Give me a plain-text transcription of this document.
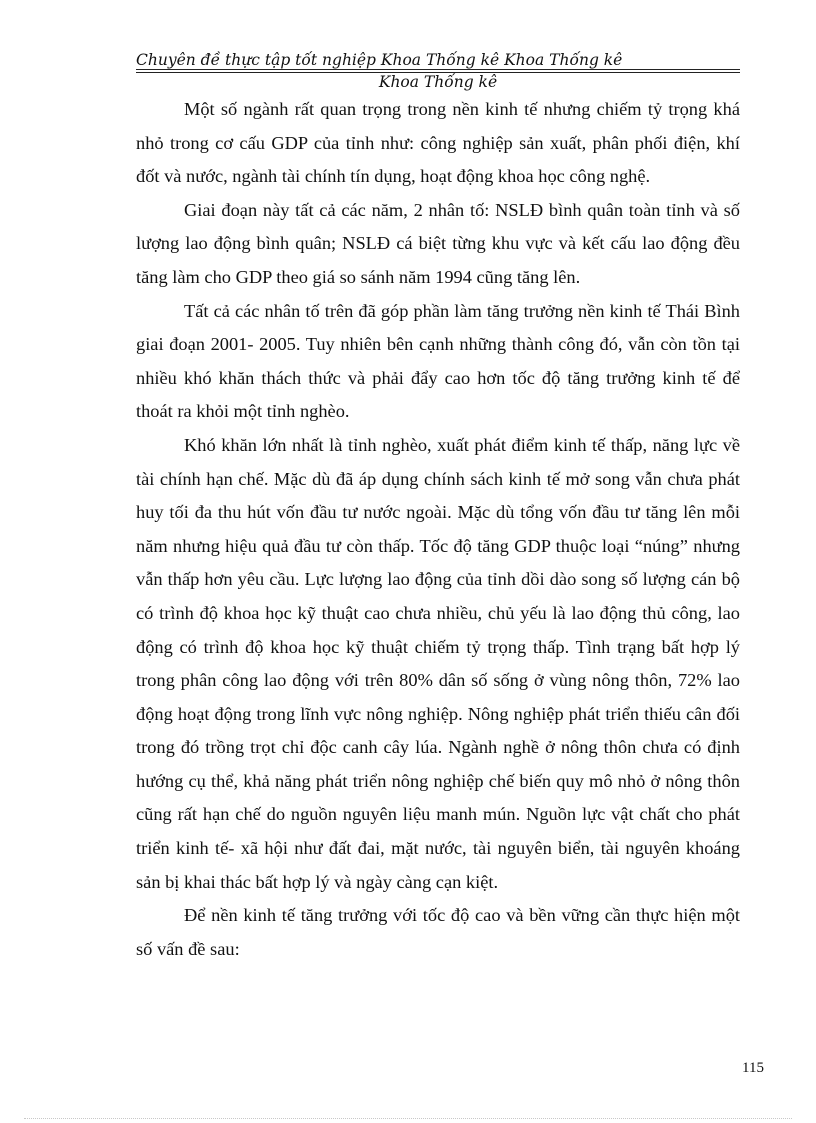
Chuyên đề thực tập tốt nghiệp Khoa Thống kê Khoa Thống kê
Khoa Thống kê

Một số ngành rất quan trọng trong nền kinh tế nhưng chiếm tỷ trọng khá nhỏ trong cơ cấu GDP của tỉnh như: công nghiệp sản xuất, phân phối điện, khí đốt và nước, ngành tài chính tín dụng, hoạt động khoa học công nghệ.

Giai đoạn này tất cả các năm, 2 nhân tố: NSLĐ bình quân toàn tỉnh và số lượng lao động bình quân; NSLĐ cá biệt từng khu vực và kết cấu lao động đều tăng làm cho GDP theo giá so sánh năm 1994 cũng tăng lên.

Tất cả các nhân tố trên đã góp phần làm tăng trưởng nền kinh tế Thái Bình giai đoạn 2001- 2005. Tuy nhiên bên cạnh những thành công đó, vẫn còn tồn tại nhiều khó khăn thách thức và phải đẩy cao hơn tốc độ tăng trưởng kinh tế để thoát ra khỏi một tỉnh nghèo.

Khó khăn lớn nhất là tỉnh nghèo, xuất phát điểm kinh tế thấp, năng lực về tài chính hạn chế. Mặc dù đã áp dụng chính sách kinh tế mở song vẫn chưa phát huy tối đa thu hút vốn đầu tư nước ngoài. Mặc dù tổng vốn đầu tư tăng lên mỗi năm nhưng hiệu quả đầu tư còn thấp. Tốc độ tăng GDP thuộc loại “núng” nhưng vẫn thấp hơn yêu cầu. Lực lượng lao động của tỉnh dồi dào song số lượng cán bộ có trình độ khoa học kỹ thuật cao chưa nhiều, chủ yếu là lao động thủ công, lao động có trình độ khoa học kỹ thuật chiếm tỷ trọng thấp. Tình trạng bất hợp lý trong phân công lao động với trên 80% dân số sống ở vùng nông thôn, 72% lao động hoạt động trong lĩnh vực nông nghiệp. Nông nghiệp phát triển thiếu cân đối trong đó trồng trọt chỉ độc canh cây lúa. Ngành nghề ở nông thôn chưa có định hướng cụ thể, khả năng phát triển nông nghiệp chế biến quy mô nhỏ ở nông thôn cũng rất hạn chế do nguồn nguyên liệu manh mún. Nguồn lực vật chất cho phát triển kinh tế- xã hội như đất đai, mặt nước, tài nguyên biển, tài nguyên khoáng sản bị khai thác bất hợp lý và ngày càng cạn kiệt.

Để nền kinh tế tăng trưởng với tốc độ cao và bền vững cần thực hiện một số vấn đề sau:

115
